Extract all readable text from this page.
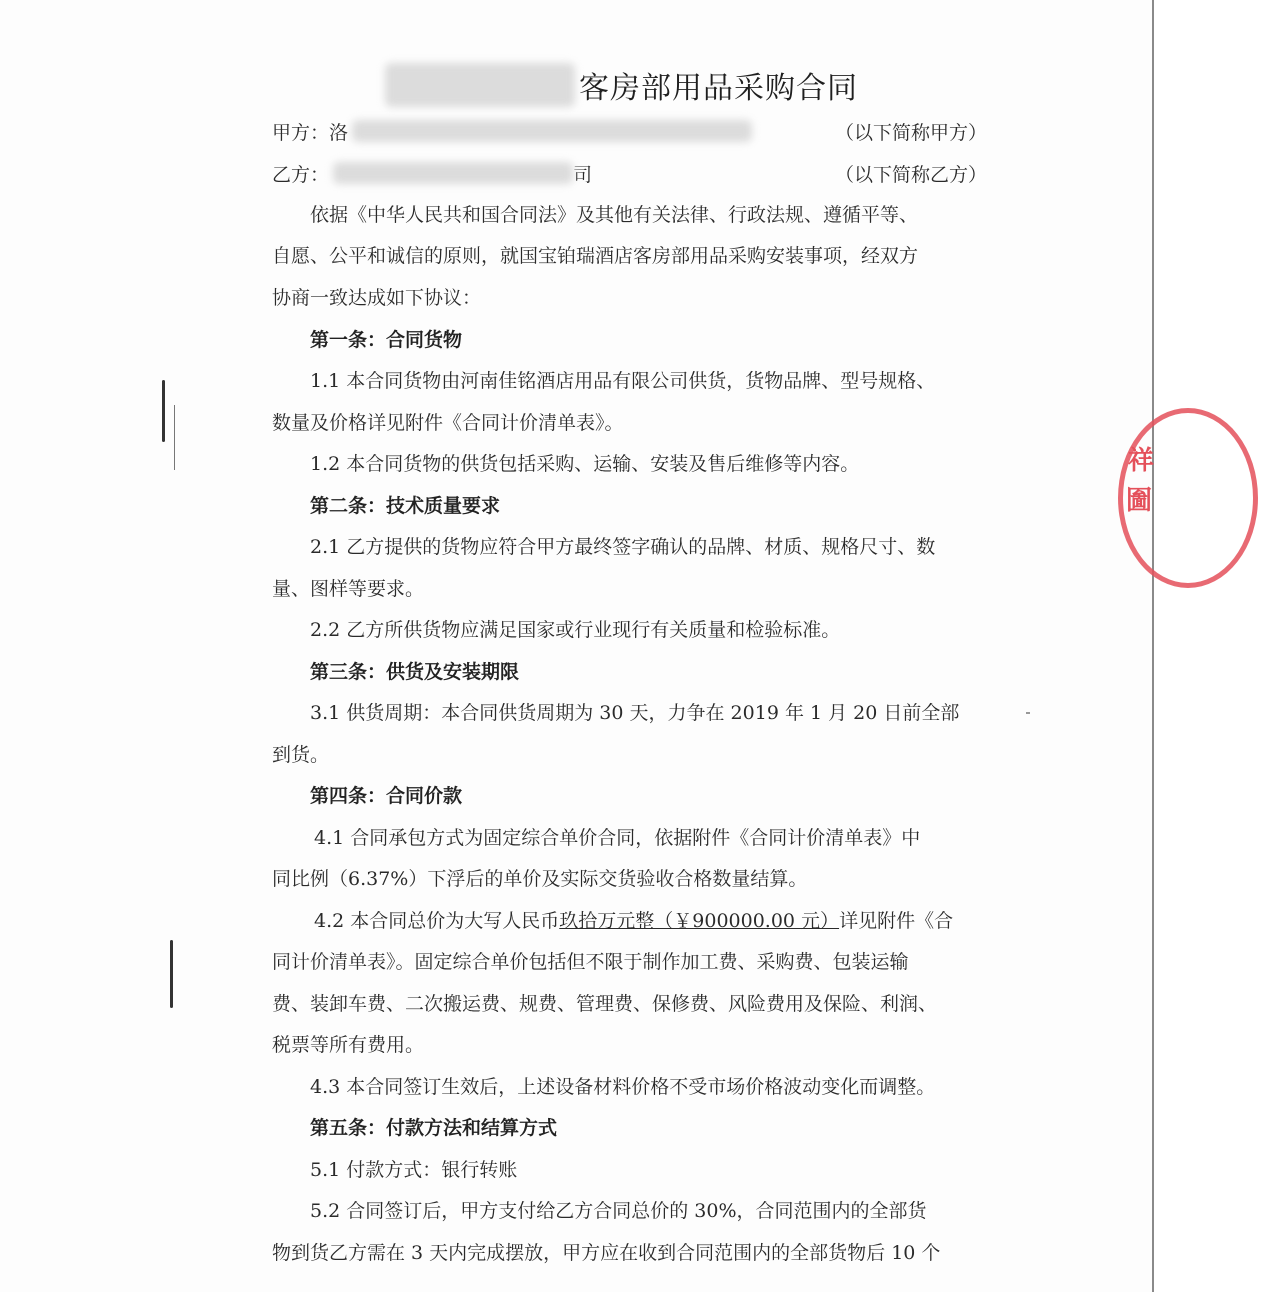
祥
圗
客房部用品采购合同
甲方：洛	（以下简称甲方）
乙方：	司	（以下简称乙方）
依据《中华人民共和国合同法》及其他有关法律、行政法规、遵循平等、
自愿、公平和诚信的原则，就国宝铂瑞酒店客房部用品采购安装事项，经双方
协商一致达成如下协议：
第一条：合同货物
1.1 本合同货物由河南佳铭酒店用品有限公司供货，货物品牌、型号规格、
数量及价格详见附件《合同计价清单表》。
1.2 本合同货物的供货包括采购、运输、安装及售后维修等内容。
第二条：技术质量要求
2.1 乙方提供的货物应符合甲方最终签字确认的品牌、材质、规格尺寸、数
量、图样等要求。
2.2 乙方所供货物应满足国家或行业现行有关质量和检验标准。
第三条：供货及安装期限
3.1 供货周期：本合同供货周期为 30 天，力争在 2019 年 1 月 20 日前全部
到货。
第四条：合同价款
4.1 合同承包方式为固定综合单价合同，依据附件《合同计价清单表》中
同比例（6.37%）下浮后的单价及实际交货验收合格数量结算。
4.2 本合同总价为大写人民币玖拾万元整（￥900000.00 元）详见附件《合
同计价清单表》。固定综合单价包括但不限于制作加工费、采购费、包装运输
费、装卸车费、二次搬运费、规费、管理费、保修费、风险费用及保险、利润、
税票等所有费用。
4.3 本合同签订生效后，上述设备材料价格不受市场价格波动变化而调整。
第五条：付款方法和结算方式
5.1 付款方式：银行转账
5.2 合同签订后，甲方支付给乙方合同总价的 30%，合同范围内的全部货
物到货乙方需在 3 天内完成摆放，甲方应在收到合同范围内的全部货物后 10 个
